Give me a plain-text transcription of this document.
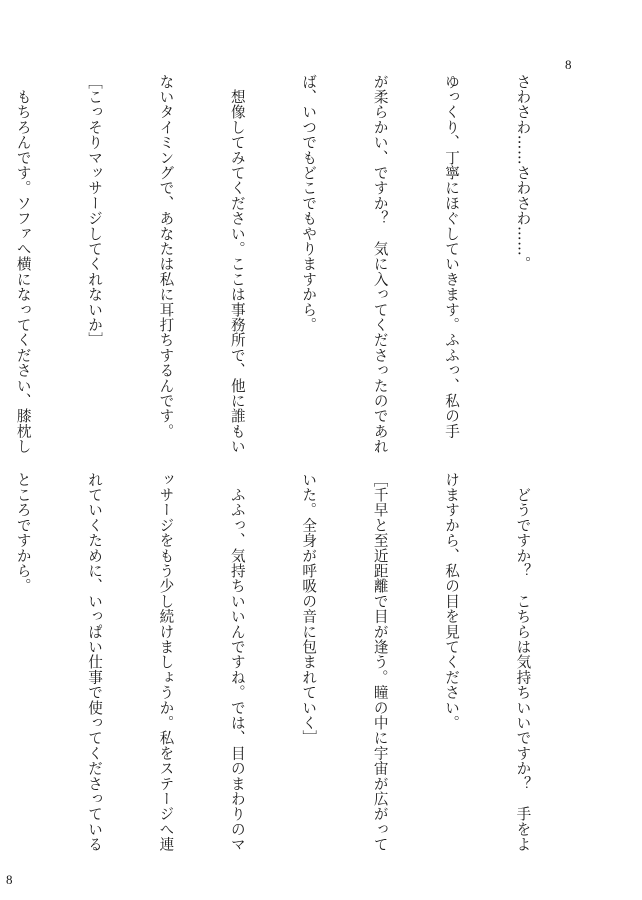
8

さわさわ……さわさわ……。

ゆっくり、丁寧にほぐしていきます。ふふっ、私の手

が柔らかい、ですか？　気に入ってくださったのであれ

ば、いつでもどこでもやりますから。

　想像してみてください。ここは事務所で、他に誰もい

ないタイミングで、あなたは私に耳打ちするんです。

［こっそりマッサージしてくれないか］

　もちろんです。ソファへ横になってください、膝枕し

　どうですか？　こちらは気持ちいいですか？　手をよ

けますから、私の目を見てください。

［千早と至近距離で目が逢う。瞳の中に宇宙が広がって

いた。全身が呼吸の音に包まれていく］

　ふふっ、気持ちいいんですね。では、目のまわりのマ

ッサージをもう少し続けましょうか。私をステージへ連

れていくために、いっぱい仕事で使ってくださっている

ところですから。

8
